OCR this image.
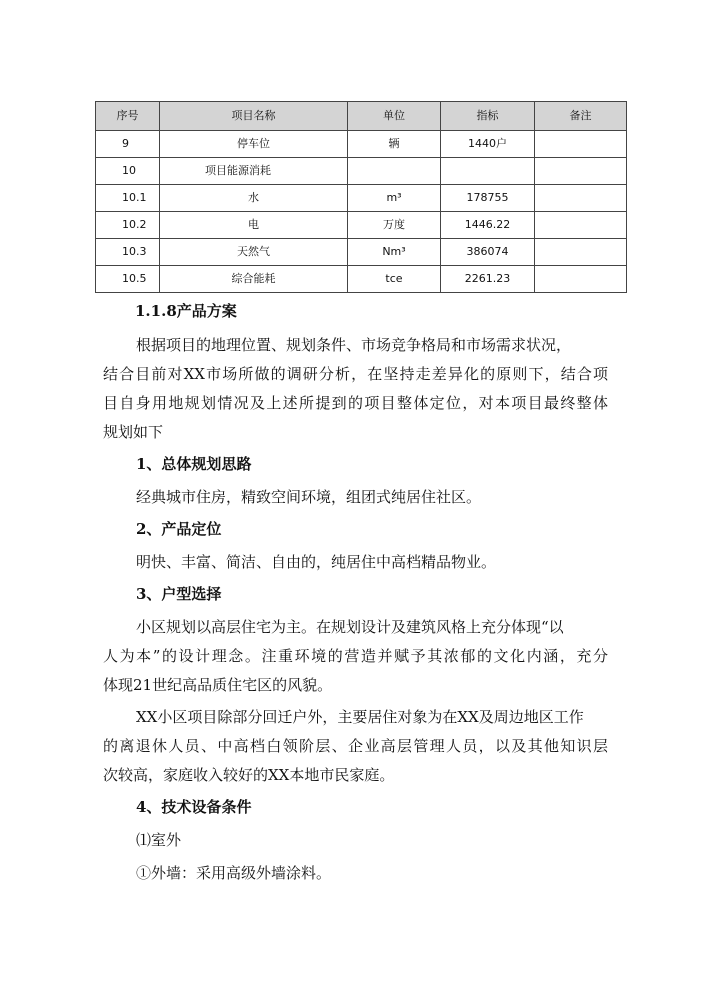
序号	项目名称	单位	指标	备注
9	停车位	辆	1440户	
10	项目能源消耗			
10.1	水	m³	178755	
10.2	电	万度	1446.22	
10.3	天然气	Nm³	386074	
10.5	综合能耗	tce	2261.23	
1.1.8产品方案
根据项目的地理位置、规划条件、市场竞争格局和市场需求状况，
结合目前对XX市场所做的调研分析，在坚持走差异化的原则下，结合项
目自身用地规划情况及上述所提到的项目整体定位，对本项目最终整体
规划如下
1、总体规划思路
经典城市住房，精致空间环境，组团式纯居住社区。
2、产品定位
明快、丰富、简洁、自由的，纯居住中高档精品物业。
3、户型选择
小区规划以高层住宅为主。在规划设计及建筑风格上充分体现“以
人为本”的设计理念。注重环境的营造并赋予其浓郁的文化内涵，充分
体现21世纪高品质住宅区的风貌。
XX小区项目除部分回迁户外，主要居住对象为在XX及周边地区工作
的离退休人员、中高档白领阶层、企业高层管理人员，以及其他知识层
次较高，家庭收入较好的XX本地市民家庭。
4、技术设备条件
⑴室外
①外墙：采用高级外墙涂料。
